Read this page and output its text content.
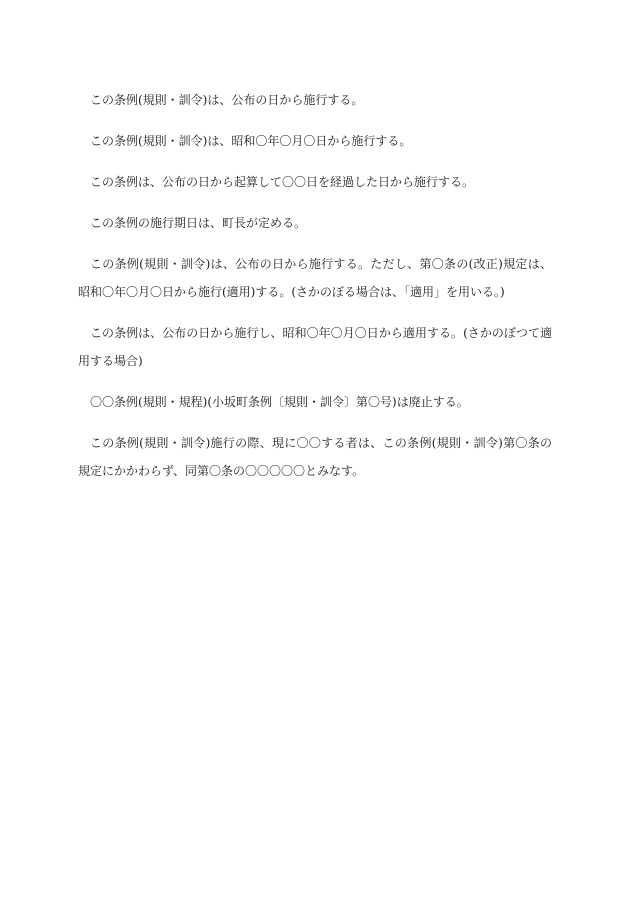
この条例(規則・訓令)は、公布の日から施行する。

この条例(規則・訓令)は、昭和〇年〇月〇日から施行する。

この条例は、公布の日から起算して〇〇日を経過した日から施行する。

この条例の施行期日は、町長が定める。

この条例(規則・訓令)は、公布の日から施行する。ただし、第〇条の(改正)規定は、昭和〇年〇月〇日から施行(適用)する。(さかのぼる場合は、「適用」を用いる。)

この条例は、公布の日から施行し、昭和〇年〇月〇日から適用する。(さかのぼつて適用する場合)

〇〇条例(規則・規程)(小坂町条例〔規則・訓令〕第〇号)は廃止する。

この条例(規則・訓令)施行の際、現に〇〇する者は、この条例(規則・訓令)第〇条の規定にかかわらず、同第〇条の〇〇〇〇〇とみなす。
